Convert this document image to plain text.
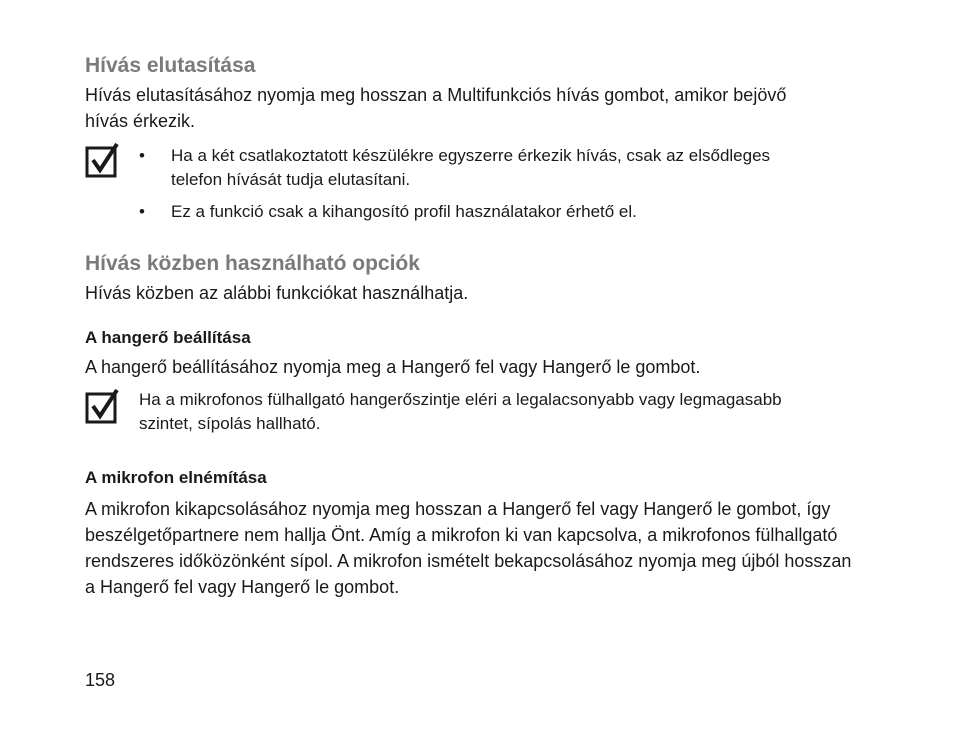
Hívás elutasítása

Hívás elutasításához nyomja meg hosszan a Multifunkciós hívás gombot, amikor bejövő hívás érkezik.

• Ha a két csatlakoztatott készülékre egyszerre érkezik hívás, csak az elsődleges telefon hívását tudja elutasítani.
• Ez a funkció csak a kihangosító profil használatakor érhető el.
Hívás közben használható opciók

Hívás közben az alábbi funkciókat használhatja.

A hangerő beállítása

A hangerő beállításához nyomja meg a Hangerő fel vagy Hangerő le gombot.

Ha a mikrofonos fülhallgató hangerőszintje eléri a legalacsonyabb vagy legmagasabb szintet, sípolás hallható.

A mikrofon elnémítása

A mikrofon kikapcsolásához nyomja meg hosszan a Hangerő fel vagy Hangerő le gombot, így beszélgetőpartnere nem hallja Önt. Amíg a mikrofon ki van kapcsolva, a mikrofonos fülhallgató rendszeres időközönként sípol. A mikrofon ismételt bekapcsolásához nyomja meg újból hosszan a Hangerő fel vagy Hangerő le gombot.

158
